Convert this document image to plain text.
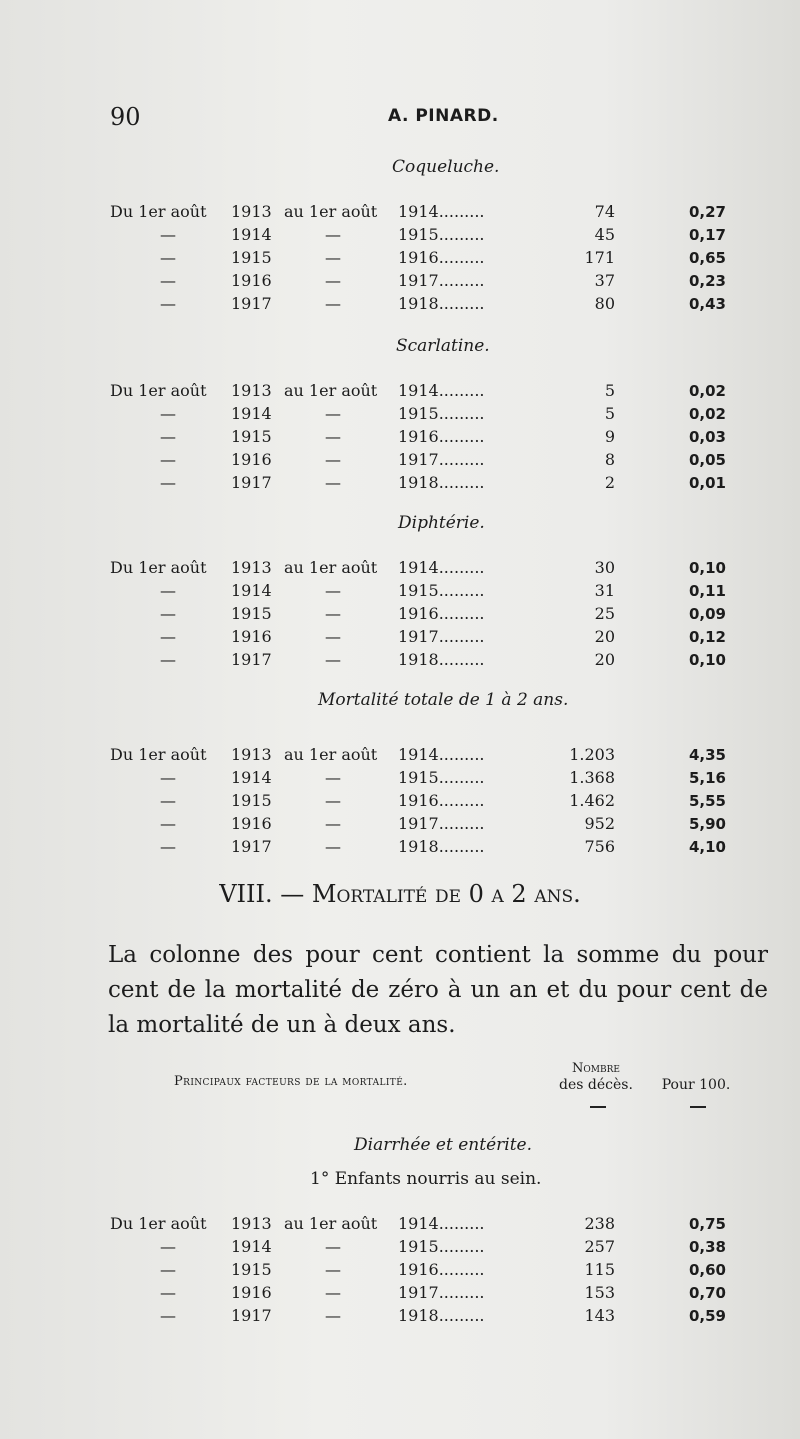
90	A. PINARD.
Coqueluche.
Scarlatine.
Diphtérie.
Mortalité totale de 1 à 2 ans.
Du 1er août 1913 au 1er août 1914.........	74	0,27
—	1914	—	1915.........	45	0,17
—	1915	—	1916.........	171	0,65
—	1916	—	1917.........	37	0,23
—	1917	—	1918.........	80	0,43
Du 1er août 1913 au 1er août 1914.........	5	0,02
—	1914	—	1915.........	5	0,02
—	1915	—	1916.........	9	0,03
—	1916	—	1917.........	8	0,05
—	1917	—	1918.........	2	0,01
Du 1er août 1913 au 1er août 1914.........	30	0,10
—	1914	—	1915.........	31	0,11
—	1915	—	1916.........	25	0,09
—	1916	—	1917.........	20	0,12
—	1917	—	1918.........	20	0,10
Du 1er août 1913 au 1er août 1914.........	1.203	4,35
—	1914	—	1915.........	1.368	5,16
—	1915	—	1916.........	1.462	5,55
—	1916	—	1917.........	952	5,90
—	1917	—	1918.........	756	4,10
Du 1er août 1913 au 1er août 1914.........	238	0,75
—	1914	—	1915.........	257	0,38
—	1915	—	1916.........	115	0,60
—	1916	—	1917.........	153	0,70
—	1917	—	1918.........	143	0,59
VIII. — Mortalité de 0 a 2 ans.
La colonne des pour cent contient la somme du pour cent de la mortalité de zéro à un an et du pour cent de la mortalité de un à deux ans.
Principaux facteurs de la mortalité.
Nombre
des décès.	Pour 100.
Diarrhée et entérite.
1° Enfants nourris au sein.
